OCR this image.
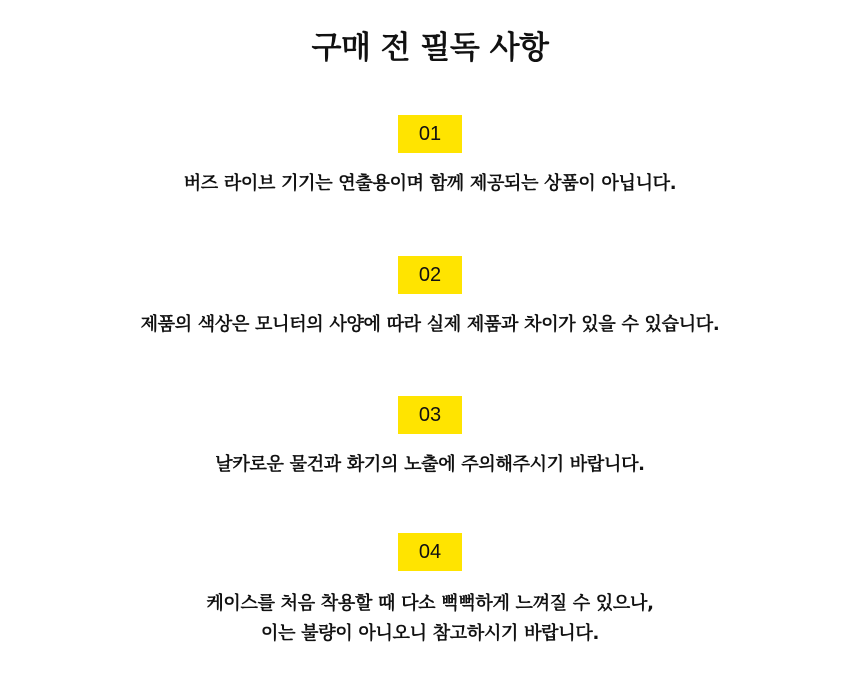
구매 전 필독 사항
01
버즈 라이브 기기는 연출용이며 함께 제공되는 상품이 아닙니다.
02
제품의 색상은 모니터의 사양에 따라 실제 제품과 차이가 있을 수 있습니다.
03
날카로운 물건과 화기의 노출에 주의해주시기 바랍니다.
04
케이스를 처음 착용할 때 다소 뻑뻑하게 느껴질 수 있으나,
이는 불량이 아니오니 참고하시기 바랍니다.
